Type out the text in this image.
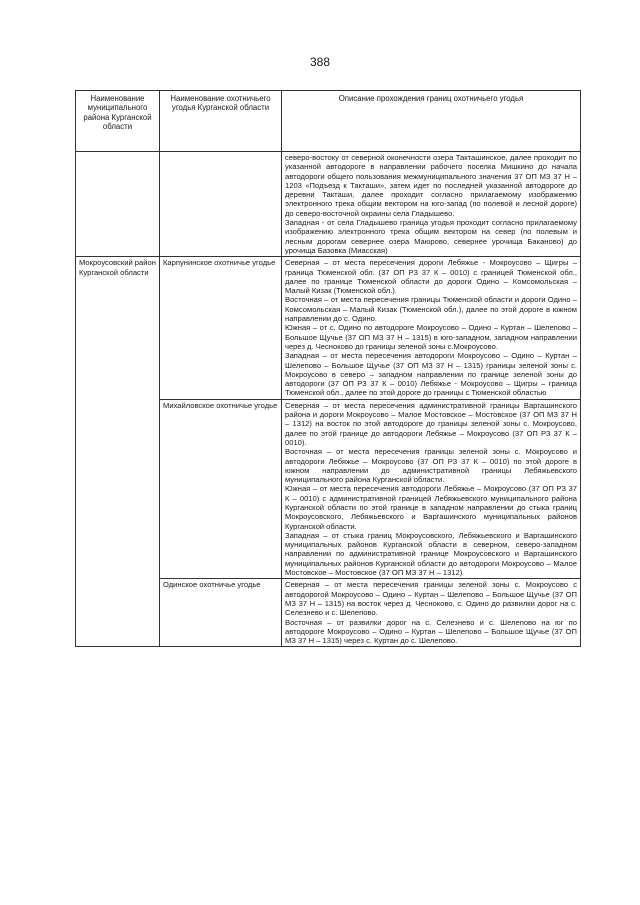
388
Наименование муниципального района Курганской области	Наименование охотничьего угодья Курганской области	Описание прохождения границ охотничьего угодья

		северо-востоку от северной оконечности озера Такташинское, далее проходит по указанной автодороге в направлении рабочего поселка Мишкино до начала автодороги общего пользования межмуниципального значения 37 ОП МЗ 37 Н – 1203 «Подъезд к Такташи», затем идет по последней указанной автодороге до деревни Такташи, далее проходит согласно прилагаемому изображению электронного трека общим вектором на юго-запад (по полевой и лесной дороге) до северо-восточной окраины села Гладышево.

Западная - от села Гладышево граница угодья проходит согласно прилагаемому изображению электронного трека общим вектором на север (по полевым и лесным дорогам севернее озера Маюрово, севернее урочища Бакановo) до урочища Базовка (Миасская)

Мокроусовский район Курганской области	Карпунинское охотничье угодье	Северная – от места пересечения дороги Лебяжье - Мокроусово – Щигры – граница Тюменской обл. (37 ОП РЗ 37 К – 0010) с границей Тюменской обл., далее по границе Тюменской области до дороги Одино – Комсомольская – Малый Кизак (Тюменской обл.).

Восточная – от места пересечения границы Тюменской области и дороги Одино – Комсомольская – Малый Кизак (Тюменской обл.), далее по этой дороге в южном направлении до с. Одино.

Южная – от с. Одино по автодороге Мокроусово – Одино – Куртан – Шелепово – Большое Щучье (37 ОП МЗ 37 Н – 1315) в юго-западном, западном направлении через д. Чесноково до границы зеленой зоны с.Мокроусово.

Западная – от места пересечения автодороги Мокроусово – Одино – Куртан – Шелепово – Большое Щучье (37 ОП МЗ 37 Н – 1315) границы зеленой зоны с. Мокроусово в северо – западном направлении по границе зеленой зоны до автодороги (37 ОП РЗ 37 К – 0010) Лебяжье - Мокроусово – Щигры – граница Тюменской обл., далее по этой дороге до границы с Тюменской областью

	Михайловское охотничье угодье	Северная – от места пересечения административной границы Варгашинского района и дороги Мокроусово – Малое Мостовское – Мостовское (37 ОП МЗ 37 Н – 1312) на восток по этой автодороге до границы зеленой зоны с. Мокроусово, далее по этой границе до автодороги Лебяжье – Мокроусово (37 ОП РЗ 37 К – 0010).

Восточная – от места пересечения границы зеленой зоны с. Мокроусово и автодороги Лебяжье – Мокроусово (37 ОП РЗ 37 К – 0010) по этой дороге в южном направлении до административной границы Лебяжьевского муниципального района Курганской области.

Южная – от места пересечения автодороги Лебяжье – Мокроусово (37 ОП РЗ 37 К – 0010) с административной границей Лебяжьевского муниципального района Курганской области по этой границе в западном направлении до стыка границ Мокроусовского, Лебяжьевского и Варгашинского муниципальных районов Курганской области.

Западная – от стыка границ Мокроусовского, Лебяжьевского и Варгашинского муниципальных районов Курганской области в северном, северо-западном направлении по административной границе Мокроусовского и Варгашинского муниципальных районов Курганской области до автодороги Мокроусово – Малое Мостовское – Мостовское (37 ОП МЗ 37 Н – 1312)

	Одинское охотничье угодье	Северная – от места пересечения границы зеленой зоны с. Мокроусово с автодорогой Мокроусово – Одино – Куртан – Шелепово – Большое Щучье (37 ОП МЗ 37 Н – 1315) на восток через д. Чесноково, с. Одино до развилки дорог на с. Селезнево и с. Шелепово.

Восточная – от развилки дорог на с. Селезнево и с. Шелепово на юг по автодороге Мокроусово – Одино – Куртан – Шелепово – Большое Щучье (37 ОП МЗ 37 Н – 1315) через с. Куртан до с. Шелепово.
